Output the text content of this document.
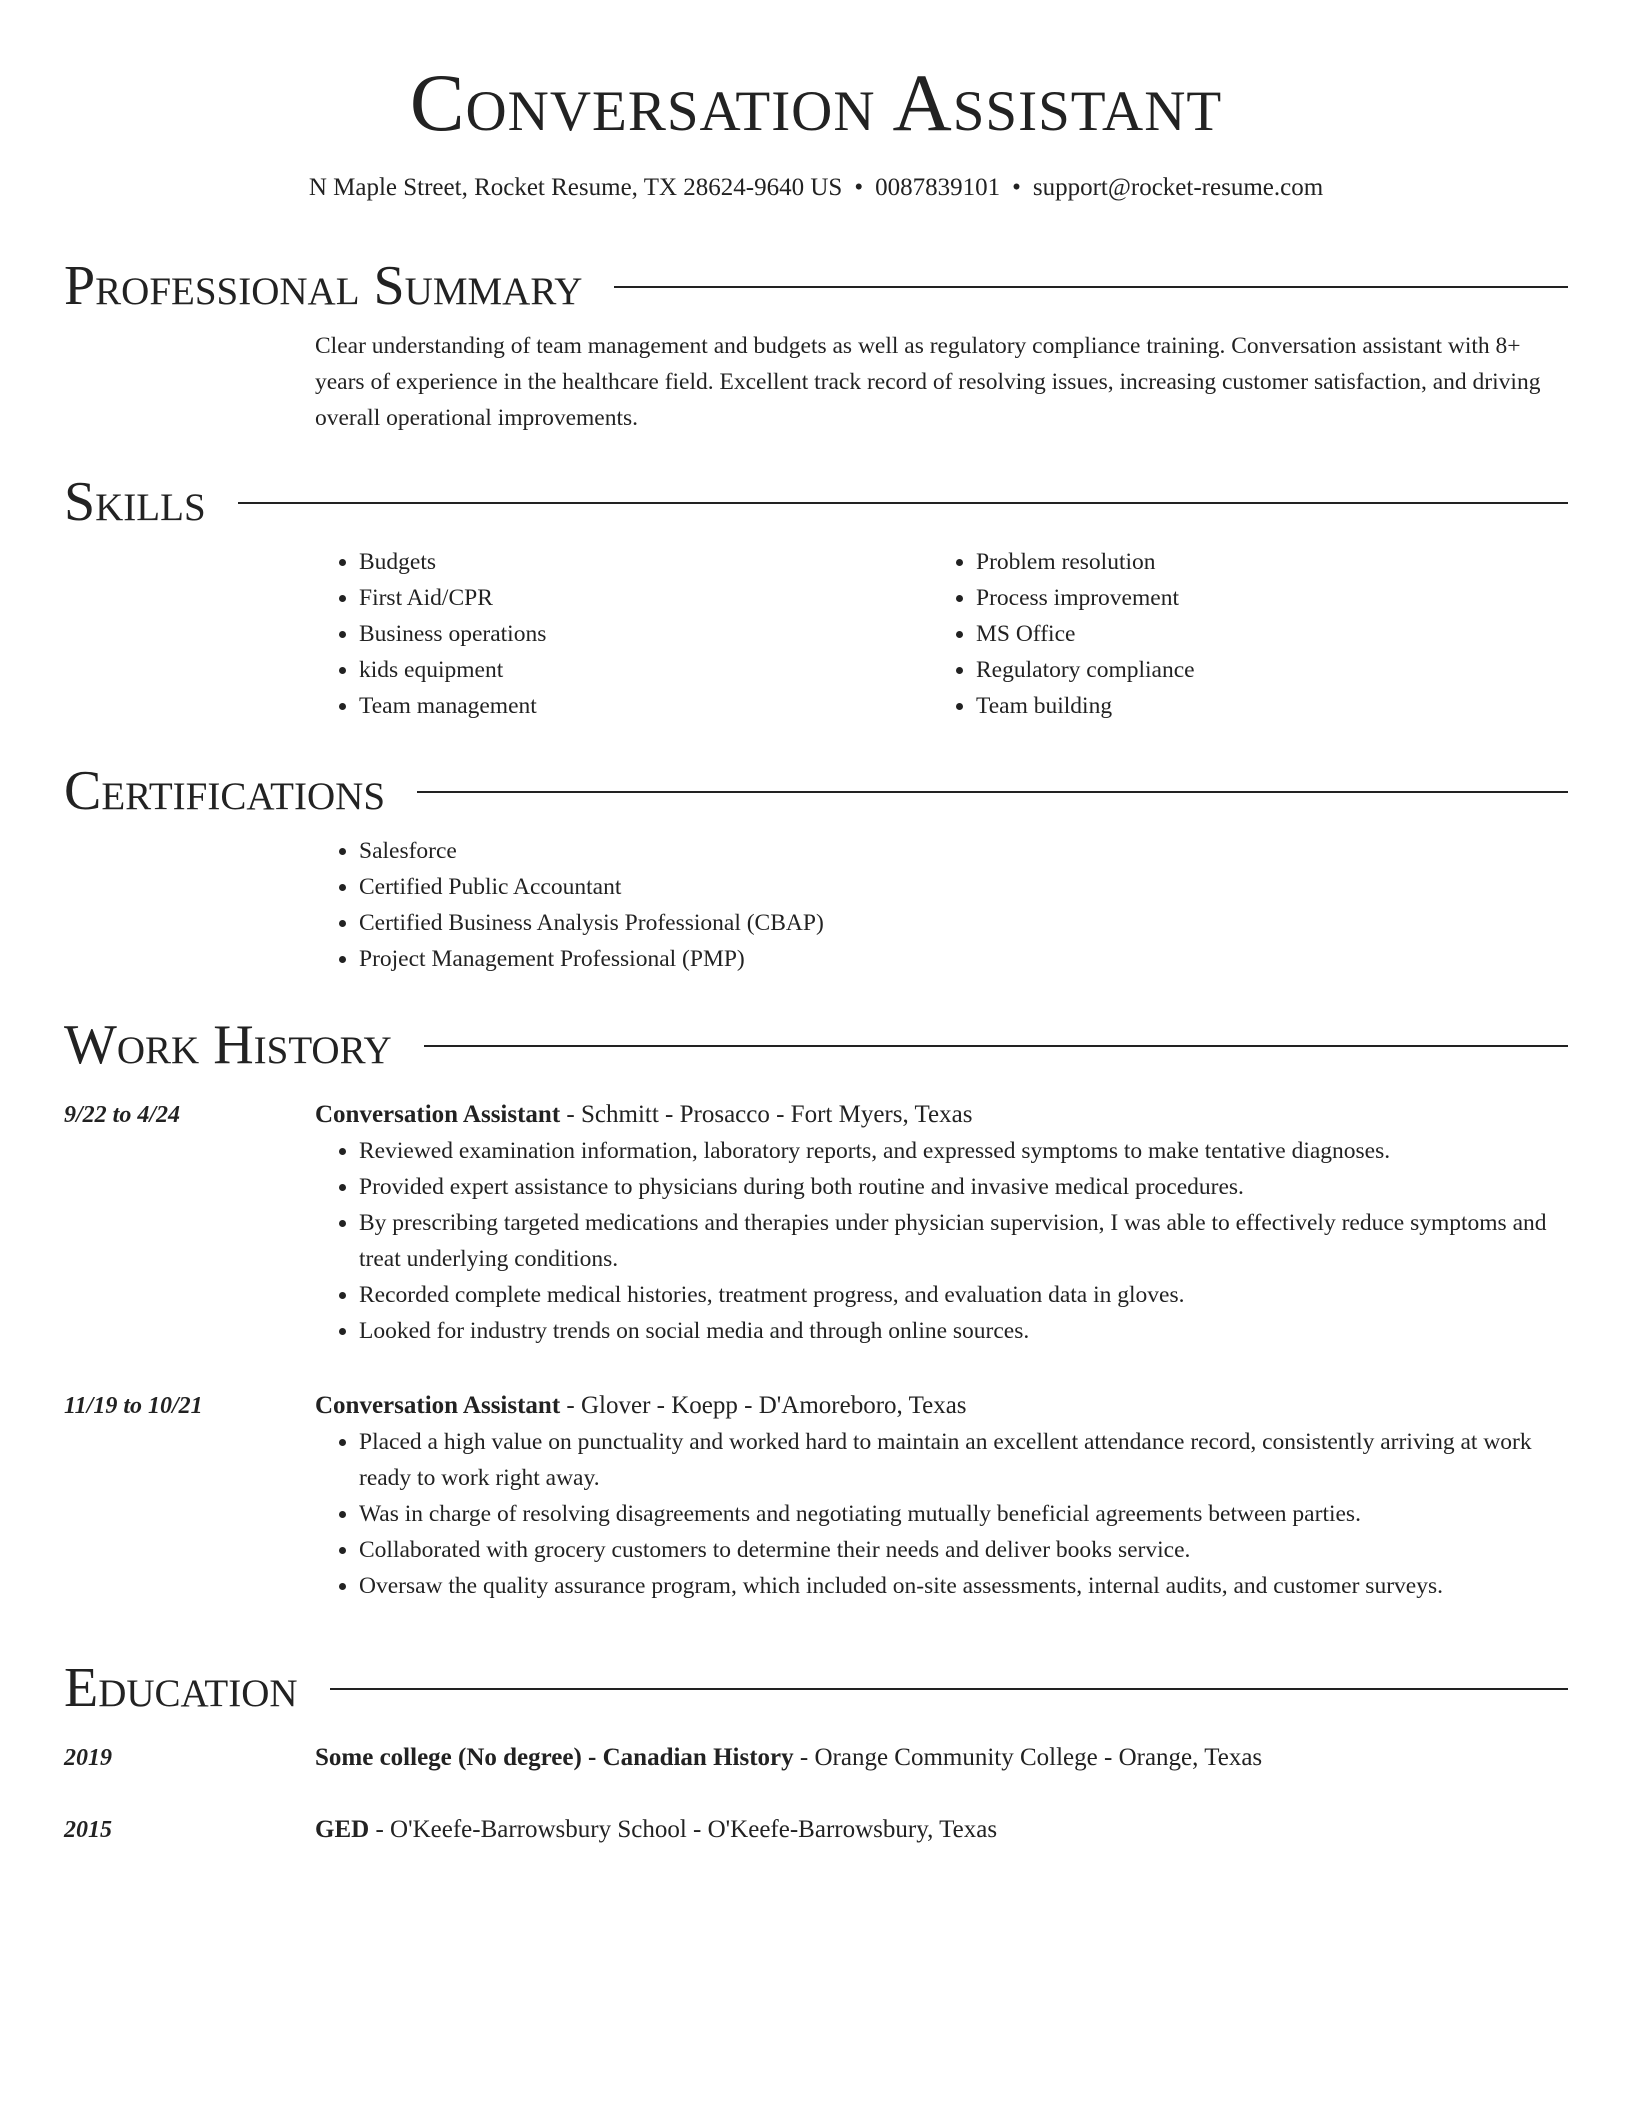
Conversation Assistant
N Maple Street, Rocket Resume, TX 28624-9640 US • 0087839101 • support@rocket-resume.com
Professional Summary

Clear understanding of team management and budgets as well as regulatory compliance training. Conversation assistant with 8+ years of experience in the healthcare field. Excellent track record of resolving issues, increasing customer satisfaction, and driving overall operational improvements.

Skills
• Budgets
• First Aid/CPR
• Business operations
• kids equipment
• Team management
• Problem resolution
• Process improvement
• MS Office
• Regulatory compliance
• Team building
Certifications
• Salesforce
• Certified Public Accountant
• Certified Business Analysis Professional (CBAP)
• Project Management Professional (PMP)
Work History
9/22 to 4/24	Conversation Assistant - Schmitt - Prosacco - Fort Myers, Texas
• Reviewed examination information, laboratory reports, and expressed symptoms to make tentative diagnoses.
• Provided expert assistance to physicians during both routine and invasive medical procedures.
• By prescribing targeted medications and therapies under physician supervision, I was able to effectively reduce symptoms and treat underlying conditions.
• Recorded complete medical histories, treatment progress, and evaluation data in gloves.
• Looked for industry trends on social media and through online sources.
11/19 to 10/21	Conversation Assistant - Glover - Koepp - D'Amoreboro, Texas
• Placed a high value on punctuality and worked hard to maintain an excellent attendance record, consistently arriving at work ready to work right away.
• Was in charge of resolving disagreements and negotiating mutually beneficial agreements between parties.
• Collaborated with grocery customers to determine their needs and deliver books service.
• Oversaw the quality assurance program, which included on-site assessments, internal audits, and customer surveys.
Education
2019	Some college (No degree) - Canadian History - Orange Community College - Orange, Texas
2015	GED - O'Keefe-Barrowsbury School - O'Keefe-Barrowsbury, Texas
